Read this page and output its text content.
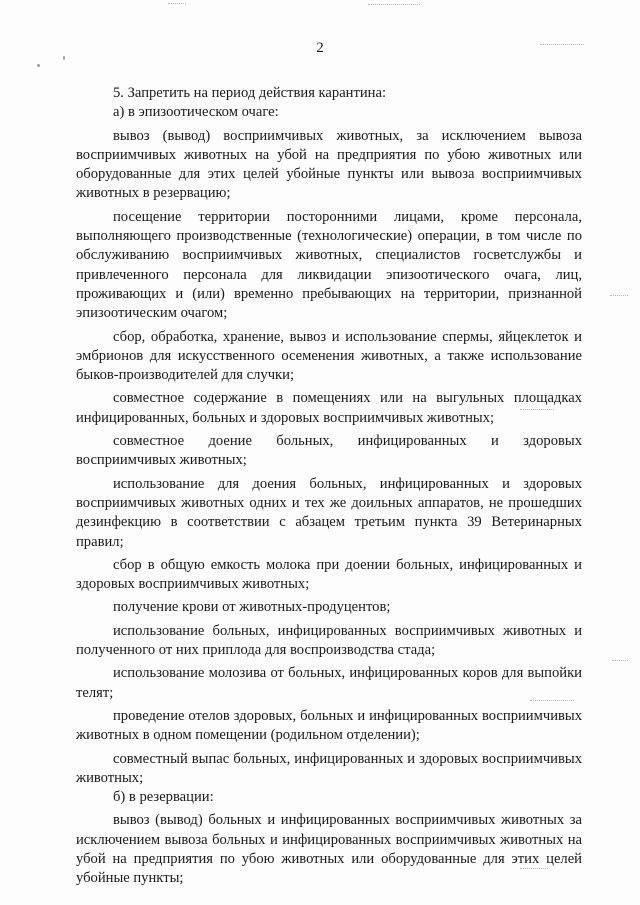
2

5. Запретить на период действия карантина:

а) в эпизоотическом очаге:

вывоз (вывод) восприимчивых животных, за исключением вывоза восприимчивых животных на убой на предприятия по убою животных или оборудованные для этих целей убойные пункты или вывоза восприимчивых животных в резервацию;

посещение территории посторонними лицами, кроме персонала, выполняющего производственные (технологические) операции, в том числе по обслуживанию восприимчивых животных, специалистов госветслужбы и привлеченного персонала для ликвидации эпизоотического очага, лиц, проживающих и (или) временно пребывающих на территории, признанной эпизоотическим очагом;

сбор, обработка, хранение, вывоз и использование спермы, яйцеклеток и эмбрионов для искусственного осеменения животных, а также использование быков-производителей для случки;

совместное содержание в помещениях или на выгульных площадках инфицированных, больных и здоровых восприимчивых животных;

совместное доение больных, инфицированных и здоровых восприимчивых животных;

использование для доения больных, инфицированных и здоровых восприимчивых животных одних и тех же доильных аппаратов, не прошедших дезинфекцию в соответствии с абзацем третьим пункта 39 Ветеринарных правил;

сбор в общую емкость молока при доении больных, инфицированных и здоровых восприимчивых животных;

получение крови от животных-продуцентов;

использование больных, инфицированных восприимчивых животных и полученного от них приплода для воспроизводства стада;

использование молозива от больных, инфицированных коров для выпойки телят;

проведение отелов здоровых, больных и инфицированных восприимчивых животных в одном помещении (родильном отделении);

совместный выпас больных, инфицированных и здоровых восприимчивых животных;

б) в резервации:

вывоз (вывод) больных и инфицированных восприимчивых животных за исключением вывоза больных и инфицированных восприимчивых животных на убой на предприятия по убою животных или оборудованные для этих целей убойные пункты;
